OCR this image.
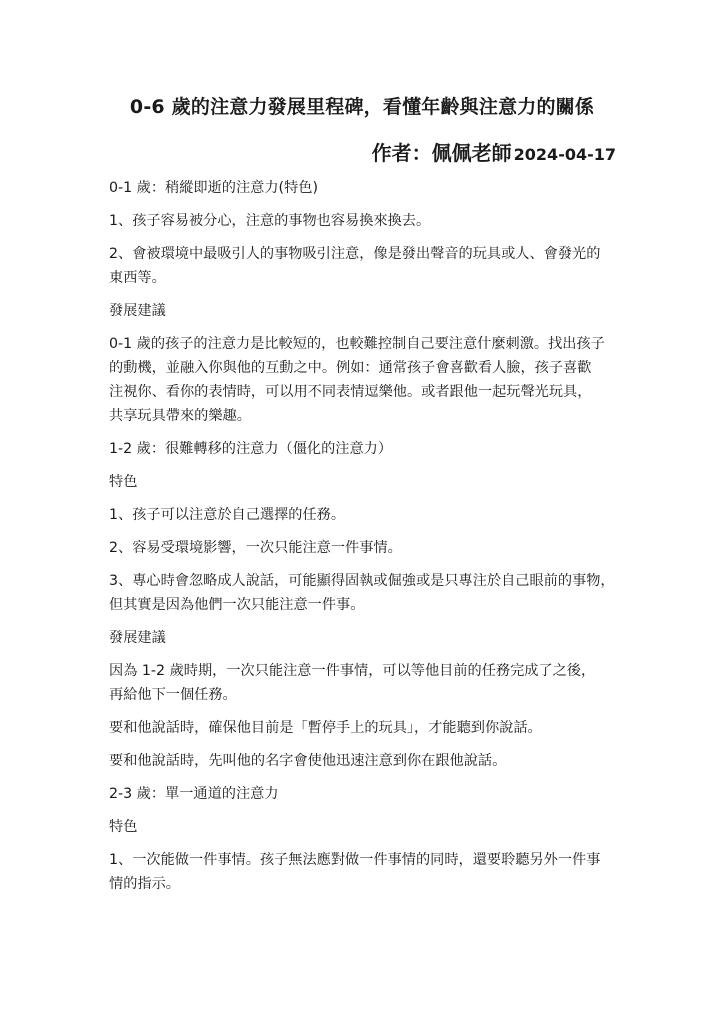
0-6 歲的注意力發展里程碑，看懂年齡與注意力的關係
作者：佩佩老師 2024-04-17

0-1 歲：稍縱即逝的注意力(特色)

1、孩子容易被分心，注意的事物也容易換來換去。

2、會被環境中最吸引人的事物吸引注意，像是發出聲音的玩具或人、會發光的
東西等。

發展建議

0-1 歲的孩子的注意力是比較短的，也較難控制自己要注意什麼刺激。找出孩子
的動機，並融入你與他的互動之中。例如：通常孩子會喜歡看人臉，孩子喜歡
注視你、看你的表情時，可以用不同表情逗樂他。或者跟他一起玩聲光玩具，
共享玩具帶來的樂趣。

1-2 歲：很難轉移的注意力（僵化的注意力）

特色

1、孩子可以注意於自己選擇的任務。

2、容易受環境影響，一次只能注意一件事情。

3、專心時會忽略成人說話，可能顯得固執或倔強或是只專注於自己眼前的事物，
但其實是因為他們一次只能注意一件事。

發展建議

因為 1-2 歲時期，一次只能注意一件事情，可以等他目前的任務完成了之後，
再給他下一個任務。

要和他說話時，確保他目前是「暫停手上的玩具」，才能聽到你說話。

要和他說話時，先叫他的名字會使他迅速注意到你在跟他說話。

2-3 歲：單一通道的注意力

特色

1、一次能做一件事情。孩子無法應對做一件事情的同時，還要聆聽另外一件事
情的指示。
